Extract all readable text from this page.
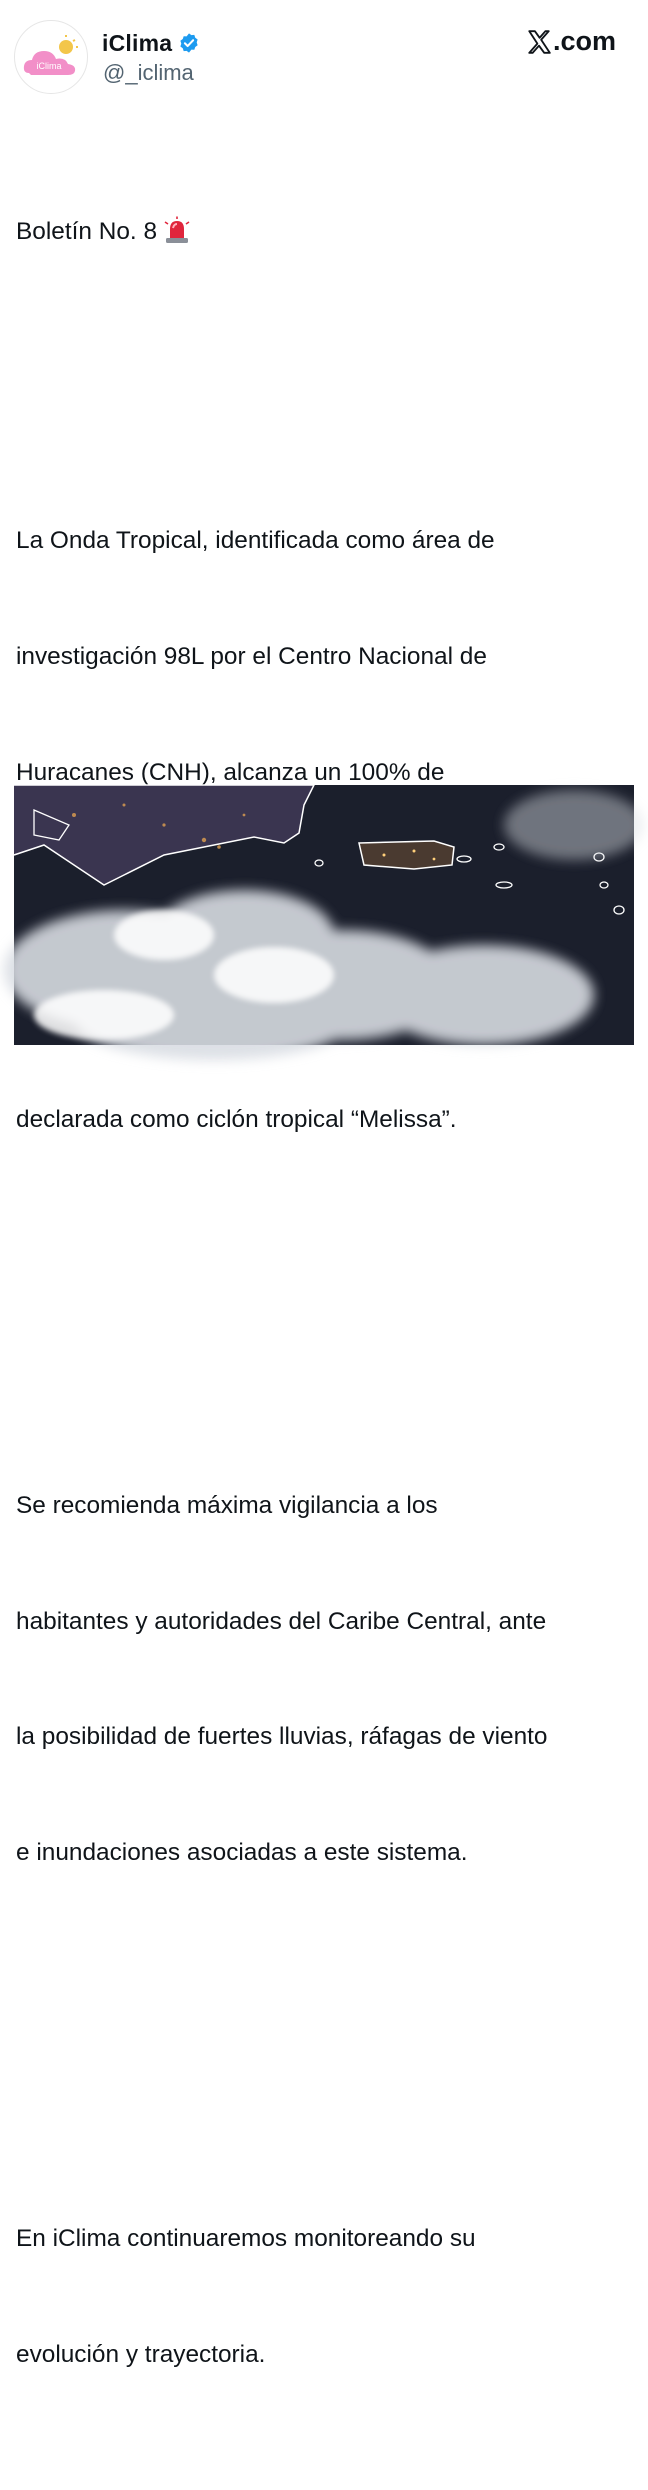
iClima
iClima
@_iclima
.com

Boletín No. 8

La Onda Tropical, identificada como área de

investigación 98L por el Centro Nacional de

Huracanes (CNH), alcanza un 100% de

declarada como ciclón tropical “Melissa”.

Se recomienda máxima vigilancia a los

habitantes y autoridades del Caribe Central, ante

la posibilidad de fuertes lluvias, ráfagas de viento

e inundaciones asociadas a este sistema.

En iClima continuaremos monitoreando su

evolución y trayectoria.
